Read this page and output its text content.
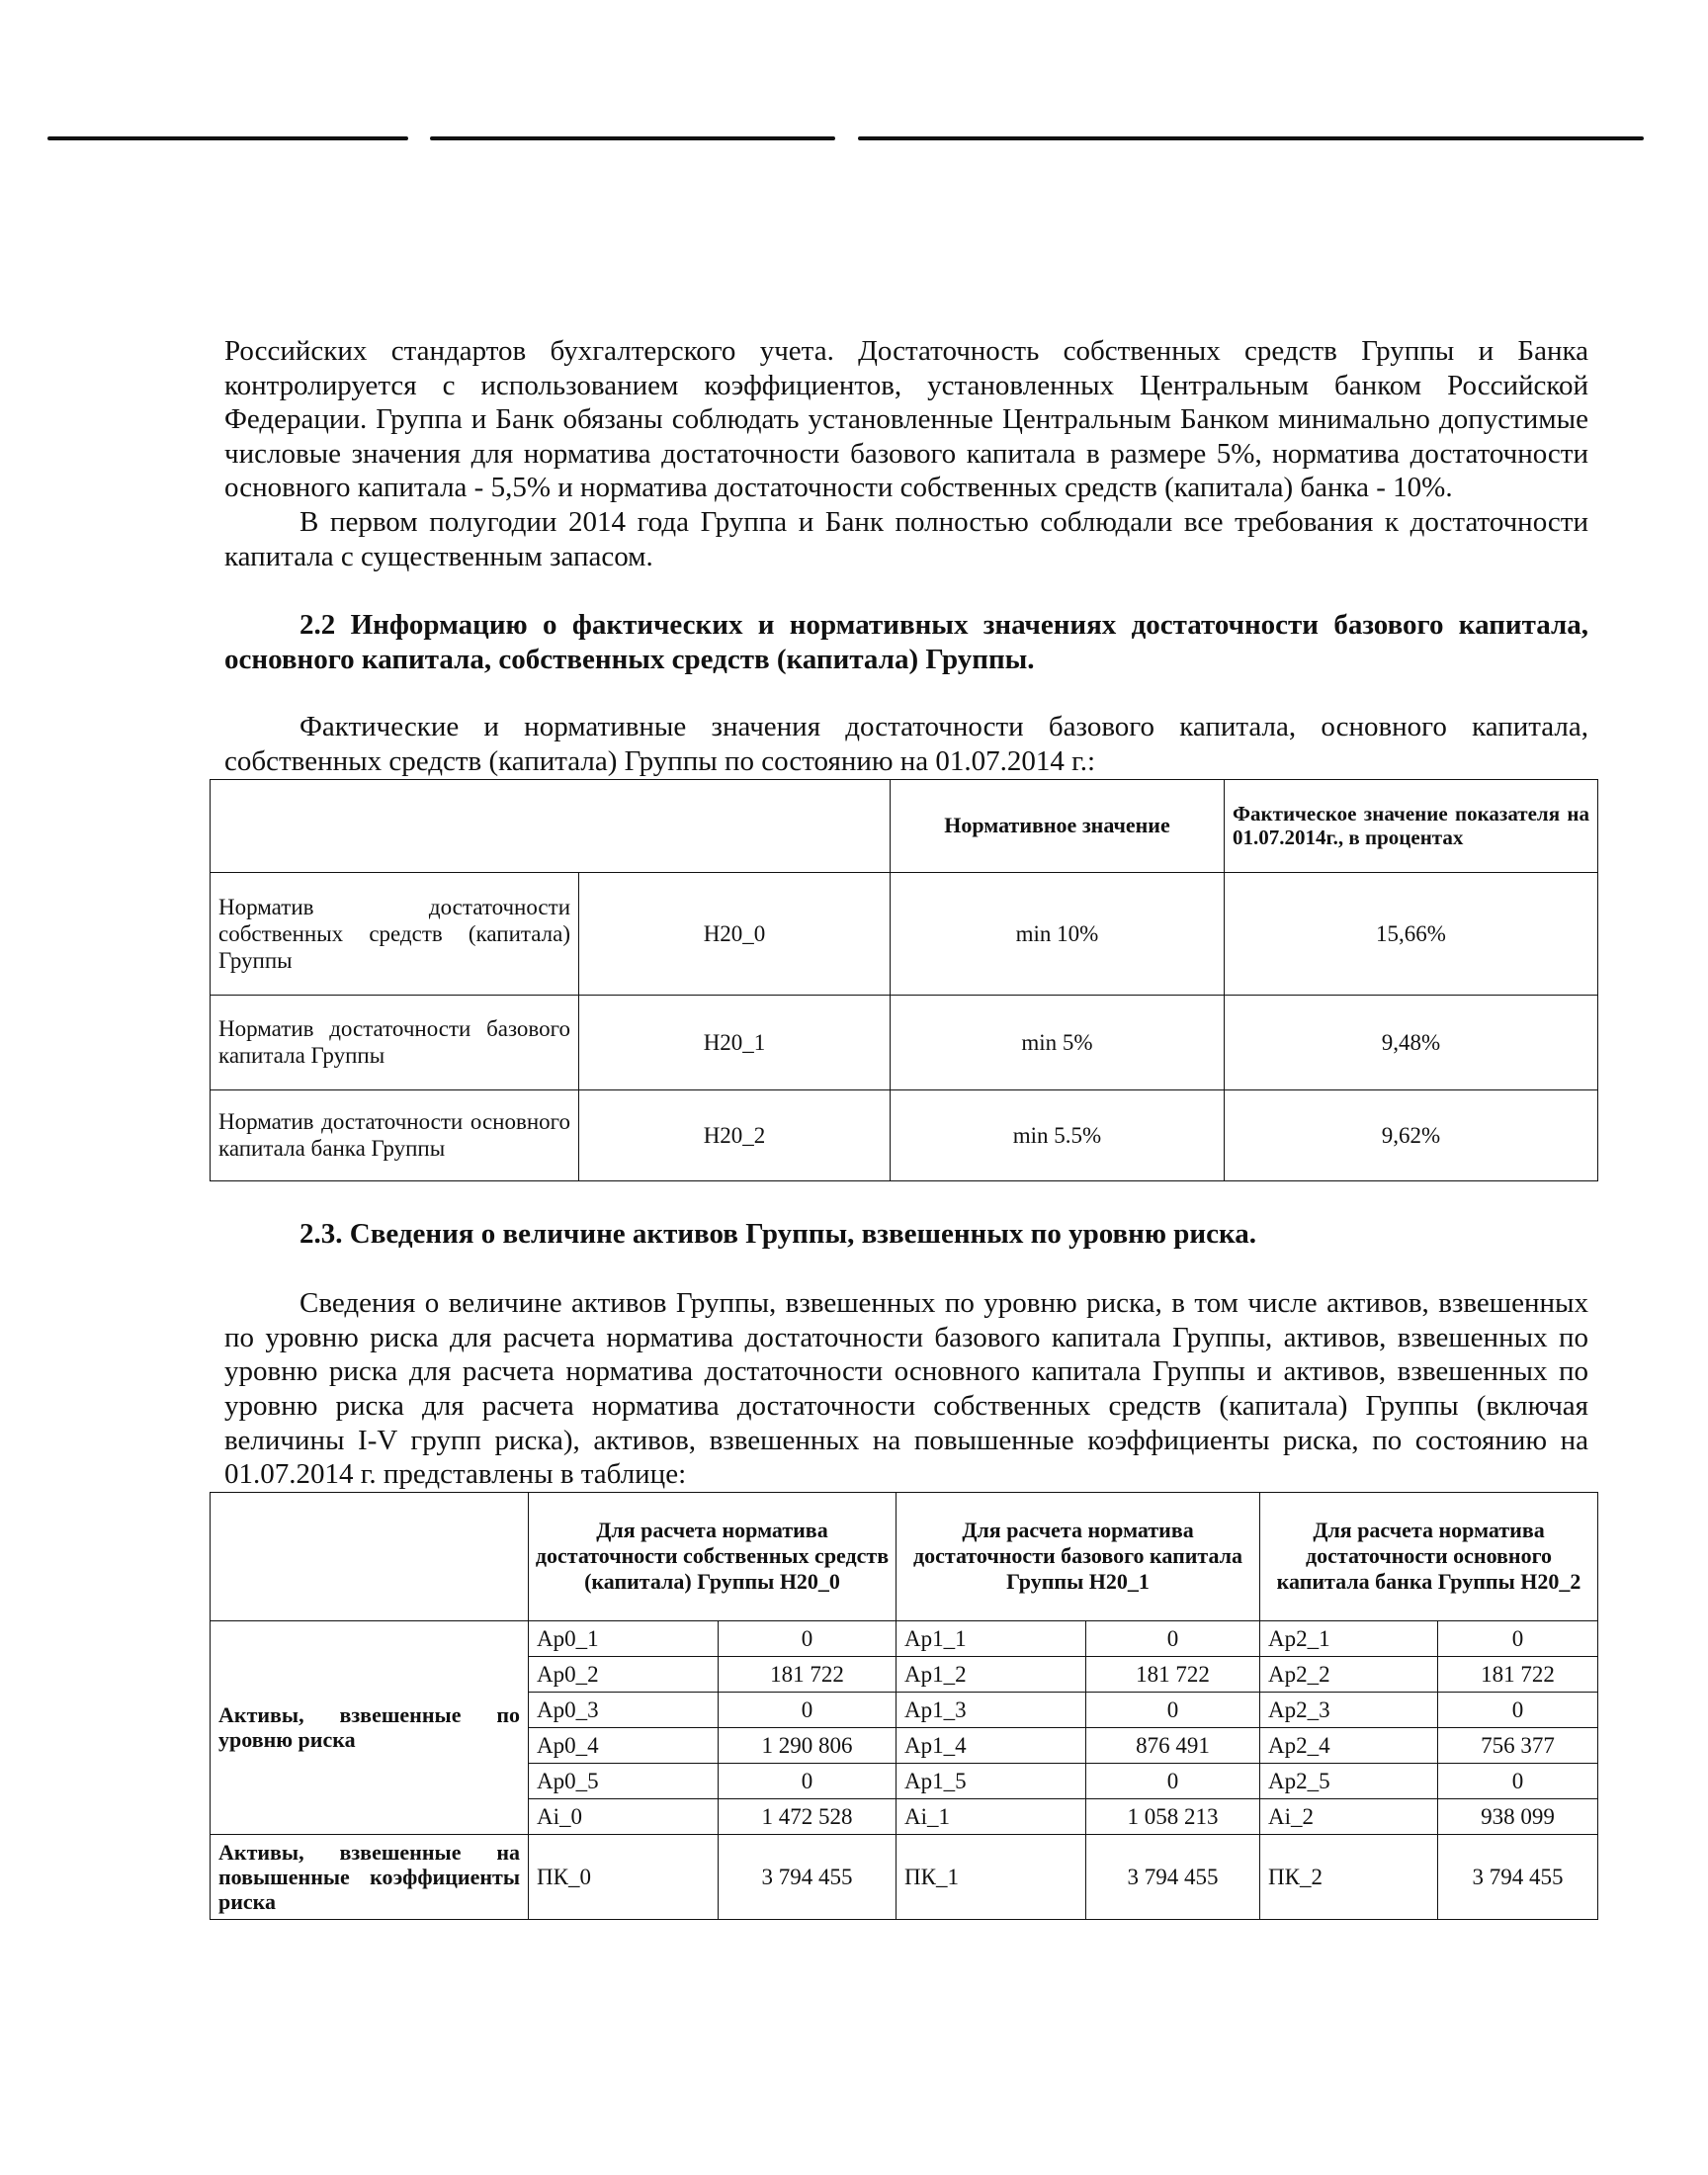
Российских стандартов бухгалтерского учета. Достаточность собственных средств Группы и Банка контролируется с использованием коэффициентов, установленных Центральным банком Российской Федерации. Группа и Банк обязаны соблюдать установленные Центральным Банком минимально допустимые числовые значения для норматива достаточности базового капитала в размере 5%, норматива достаточности основного капитала - 5,5% и норматива достаточности собственных средств (капитала) банка - 10%.

В первом полугодии 2014 года Группа и Банк полностью соблюдали все требования к достаточности капитала с существенным запасом.

2.2 Информацию о фактических и нормативных значениях достаточности базового капитала, основного капитала, собственных средств (капитала) Группы.

Фактические и нормативные значения достаточности базового капитала, основного капитала, собственных средств (капитала) Группы по состоянию на 01.07.2014 г.:

		Нормативное значение	Фактическое значение показателя на 01.07.2014г., в процентах
Норматив достаточности собственных средств (капитала) Группы	Н20_0	min 10%	15,66%
Норматив достаточности базового капитала Группы	Н20_1	min 5%	9,48%
Норматив достаточности основного капитала банка Группы	Н20_2	min 5.5%	9,62%
2.3. Сведения о величине активов Группы, взвешенных по уровню риска.

Сведения о величине активов Группы, взвешенных по уровню риска, в том числе активов, взвешенных по уровню риска для расчета норматива достаточности базового капитала Группы, активов, взвешенных по уровню риска для расчета норматива достаточности основного капитала Группы и активов, взвешенных по уровню риска для расчета норматива достаточности собственных средств (капитала) Группы (включая величины I-V групп риска), активов, взвешенных на повышенные коэффициенты риска, по состоянию на 01.07.2014 г. представлены в таблице:

	Для расчета норматива достаточности собственных средств (капитала) Группы Н20_0		Для расчета норматива достаточности базового капитала Группы Н20_1		Для расчета норматива достаточности основного капитала банка Группы Н20_2	
Активы, взвешенные по уровню риска	Ар0_1	0	Ар1_1	0	Ар2_1	0
	Ар0_2	181 722	Ар1_2	181 722	Ар2_2	181 722
	Ар0_3	0	Ар1_3	0	Ар2_3	0
	Ар0_4	1 290 806	Ар1_4	876 491	Ар2_4	756 377
	Ар0_5	0	Ар1_5	0	Ар2_5	0
	Ai_0	1 472 528	Ai_1	1 058 213	Ai_2	938 099
Активы, взвешенные на повышенные коэффициенты риска	ПК_0	3 794 455	ПК_1	3 794 455	ПК_2	3 794 455
